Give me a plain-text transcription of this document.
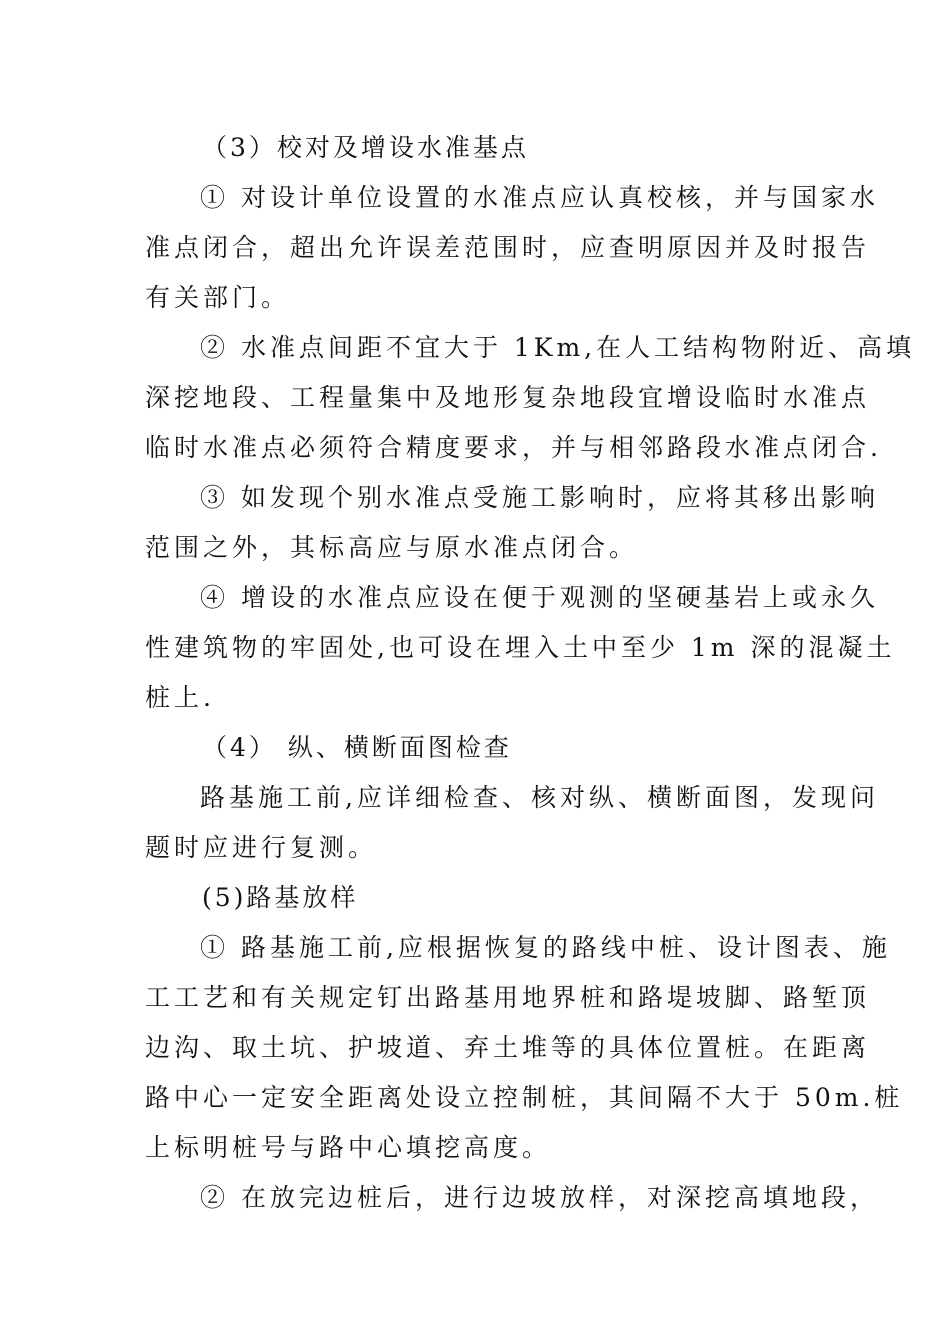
（3）校对及增设水准基点
① 对设计单位设置的水准点应认真校核，并与国家水
准点闭合，超出允许误差范围时，应查明原因并及时报告
有关部门。
② 水准点间距不宜大于 1Km,在人工结构物附近、高填
深挖地段、工程量集中及地形复杂地段宜增设临时水准点
临时水准点必须符合精度要求，并与相邻路段水准点闭合.
③ 如发现个别水准点受施工影响时，应将其移出影响
范围之外，其标高应与原水准点闭合。
④ 增设的水准点应设在便于观测的坚硬基岩上或永久
性建筑物的牢固处,也可设在埋入土中至少 1m 深的混凝土
桩上.
（4） 纵、横断面图检查
路基施工前,应详细检查、核对纵、横断面图，发现问
题时应进行复测。
(5)路基放样
① 路基施工前,应根据恢复的路线中桩、设计图表、施
工工艺和有关规定钉出路基用地界桩和路堤坡脚、路堑顶
边沟、取土坑、护坡道、弃土堆等的具体位置桩。在距离
路中心一定安全距离处设立控制桩，其间隔不大于 50m.桩
上标明桩号与路中心填挖高度。
② 在放完边桩后，进行边坡放样，对深挖高填地段，
